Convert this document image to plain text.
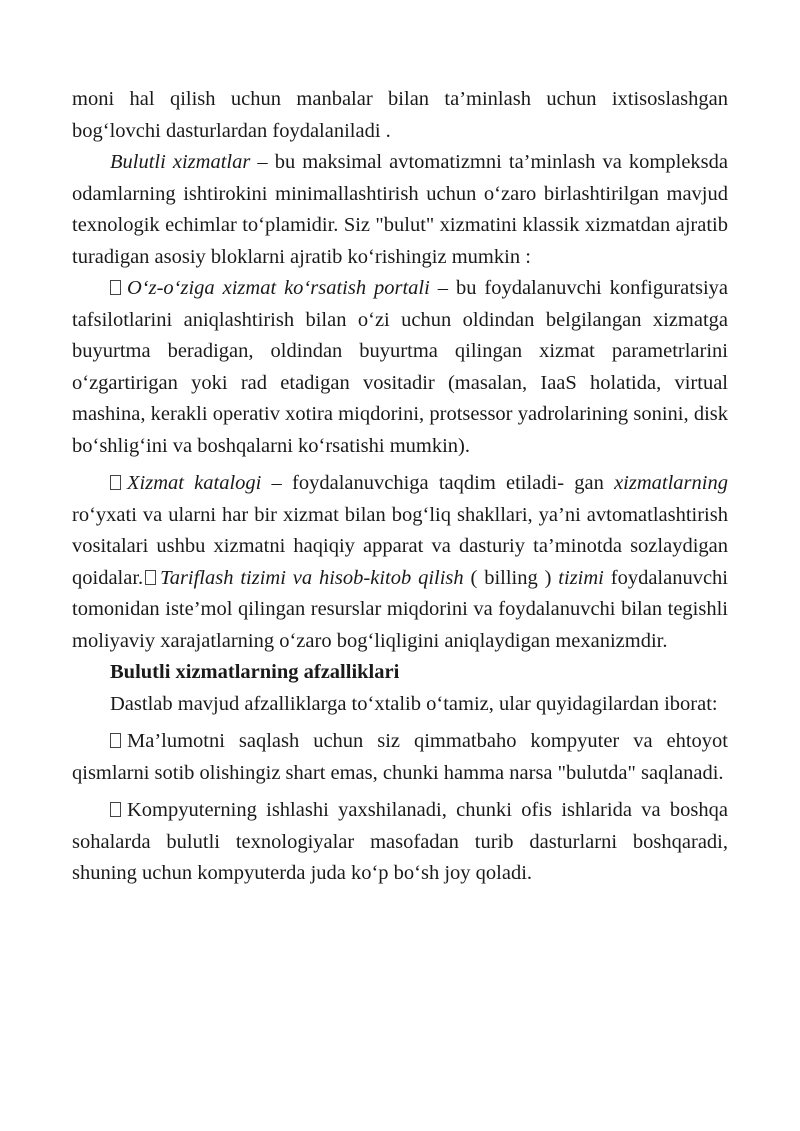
moni hal qilish uchun manbalar bilan ta’minlash uchun ixtisoslashgan bog‘lovchi dasturlardan foydalaniladi .

Bulutli xizmatlar – bu maksimal avtomatizmni ta’minlash va kompleksda odamlarning ishtirokini minimallashtirish uchun o‘zaro birlashtirilgan mavjud texnologik echimlar to‘plamidir. Siz "bulut" xizmatini klassik xizmatdan ajratib turadigan asosiy bloklarni ajratib ko‘rishingiz mumkin :

O‘z-o‘ziga xizmat ko‘rsatish portali – bu foydalanuvchi konfiguratsiya tafsilotlarini aniqlashtirish bilan o‘zi uchun oldindan belgilangan xizmatga buyurtma beradigan, oldindan buyurtma qilingan xizmat parametrlarini o‘zgartirigan yoki rad etadigan vositadir (masalan, IaaS holatida, virtual mashina, kerakli operativ xotira miqdorini, protsessor yadrolarining sonini, disk bo‘shlig‘ini va boshqalarni ko‘rsatishi mumkin).

Xizmat katalogi – foydalanuvchiga taqdim etiladi- gan xizmatlarning ro‘yxati va ularni har bir xizmat bilan bog‘liq shakllari, ya’ni avtomatlashtirish vositalari ushbu xizmatni haqiqiy apparat va dasturiy ta’minotda sozlaydigan qoidalar. Tariflash tizimi va hisob-kitob qilish ( billing ) tizimi foydalanuvchi tomonidan iste’mol qilingan resurslar miqdorini va foydalanuvchi bilan tegishli moliyaviy xarajatlarning o‘zaro bog‘liqligini aniqlaydigan mexanizmdir.

Bulutli xizmatlarning afzalliklari

Dastlab mavjud afzalliklarga to‘xtalib o‘tamiz, ular quyidagilardan iborat:

Ma’lumotni saqlash uchun siz qimmatbaho kompyuter va ehtoyot qismlarni sotib olishingiz shart emas, chunki hamma narsa "bulutda" saqlanadi.

Kompyuterning ishlashi yaxshilanadi, chunki ofis ishlarida va boshqa sohalarda bulutli texnologiyalar masofadan turib dasturlarni boshqaradi, shuning uchun kompyuterda juda ko‘p bo‘sh joy qoladi.
